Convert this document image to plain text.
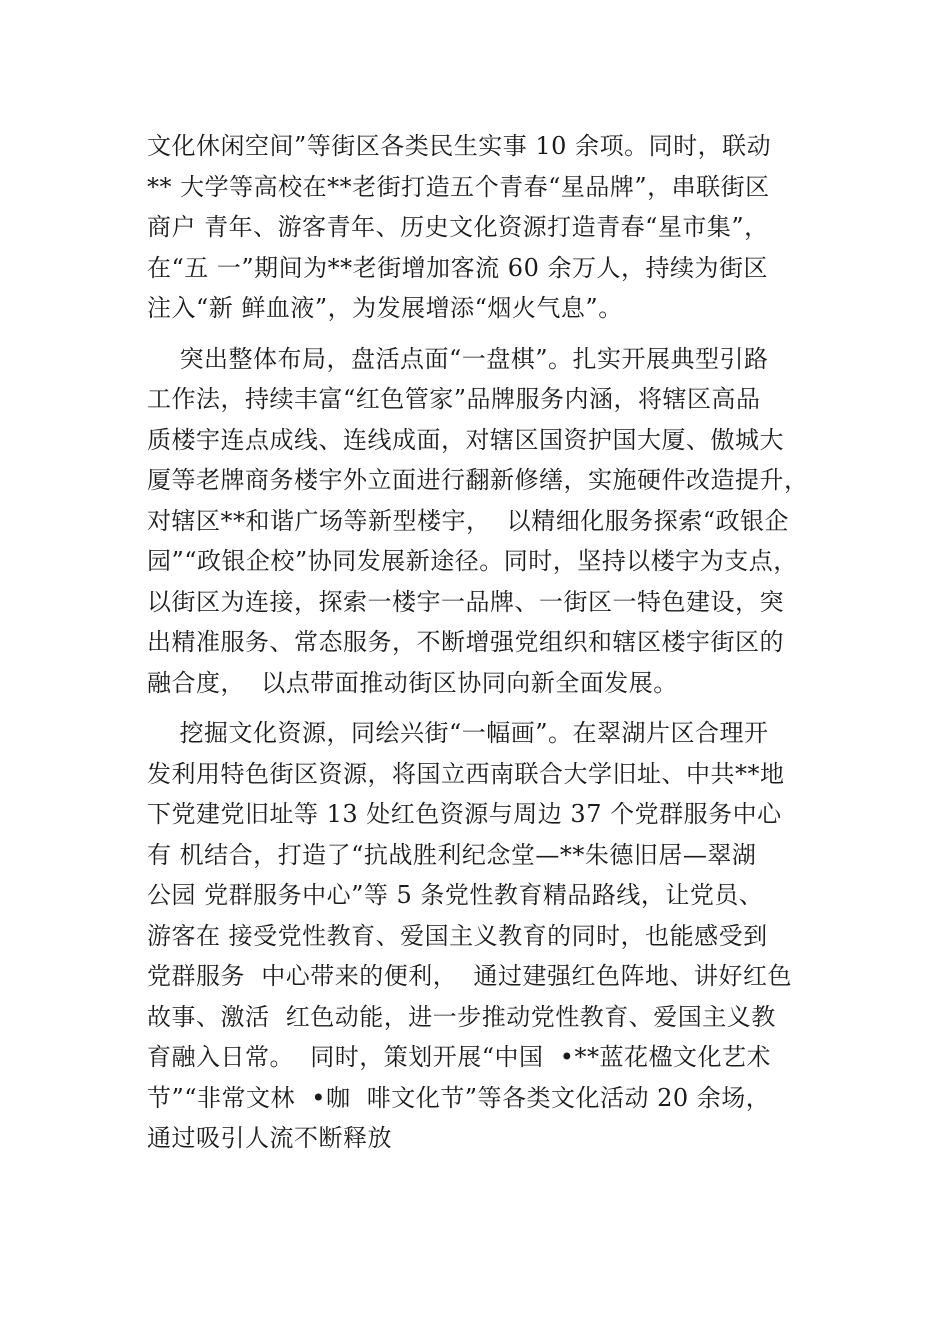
文化休闲空间”等街区各类民生实事 10 余项。同时，联动
** 大学等高校在**老街打造五个青春“星品牌”，串联街区
商户 青年、游客青年、历史文化资源打造青春“星市集”，
在“五 一”期间为**老街增加客流 60 余万人，持续为街区
注入“新 鲜血液”，为发展增添“烟火气息”。
突出整体布局，盘活点面“一盘棋”。扎实开展典型引路
工作法，持续丰富“红色管家”品牌服务内涵，将辖区高品
质楼宇连点成线、连线成面，对辖区国资护国大厦、傲城大
厦等老牌商务楼宇外立面进行翻新修缮，实施硬件改造提升，
对辖区**和谐广场等新型楼宇，  以精细化服务探索“政银企
园”“政银企校”协同发展新途径。同时，坚持以楼宇为支点，
以街区为连接，探索一楼宇一品牌、一街区一特色建设，突
出精准服务、常态服务，不断增强党组织和辖区楼宇街区的
融合度，  以点带面推动街区协同向新全面发展。
挖掘文化资源，同绘兴街“一幅画”。在翠湖片区合理开
发利用特色街区资源，将国立西南联合大学旧址、中共**地
下党建党旧址等 13 处红色资源与周边 37 个党群服务中心
有 机结合，打造了“抗战胜利纪念堂—**朱德旧居—翠湖
公园 党群服务中心”等 5 条党性教育精品路线，让党员、
游客在 接受党性教育、爱国主义教育的同时，也能感受到
党群服务  中心带来的便利，  通过建强红色阵地、讲好红色
故事、激活  红色动能，进一步推动党性教育、爱国主义教
育融入日常。  同时，策划开展“中国  •**蓝花楹文化艺术
节”“非常文林  •咖  啡文化节”等各类文化活动 20 余场，
通过吸引人流不断释放
